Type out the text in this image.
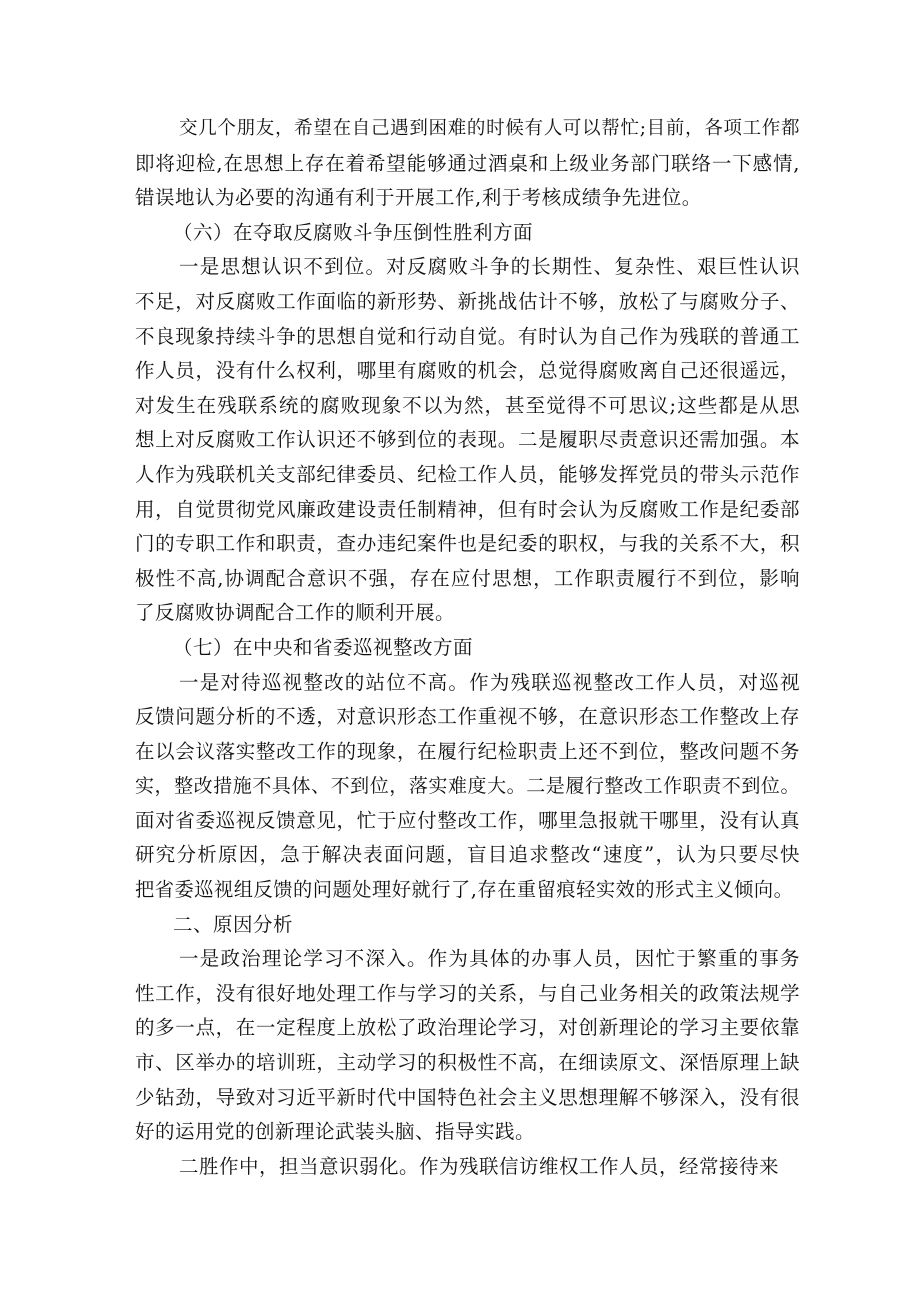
交几个朋友，希望在自己遇到困难的时候有人可以帮忙;目前，各项工作都
即将迎检,在思想上存在着希望能够通过酒桌和上级业务部门联络一下感情,
错误地认为必要的沟通有利于开展工作,利于考核成绩争先进位。
（六）在夺取反腐败斗争压倒性胜利方面
一是思想认识不到位。对反腐败斗争的长期性、复杂性、艰巨性认识
不足，对反腐败工作面临的新形势、新挑战估计不够，放松了与腐败分子、
不良现象持续斗争的思想自觉和行动自觉。有时认为自己作为残联的普通工
作人员，没有什么权利，哪里有腐败的机会，总觉得腐败离自己还很遥远，
对发生在残联系统的腐败现象不以为然，甚至觉得不可思议;这些都是从思
想上对反腐败工作认识还不够到位的表现。二是履职尽责意识还需加强。本
人作为残联机关支部纪律委员、纪检工作人员，能够发挥党员的带头示范作
用，自觉贯彻党风廉政建设责任制精神，但有时会认为反腐败工作是纪委部
门的专职工作和职责，查办违纪案件也是纪委的职权，与我的关系不大，积
极性不高,协调配合意识不强，存在应付思想，工作职责履行不到位，影响
了反腐败协调配合工作的顺利开展。
（七）在中央和省委巡视整改方面
一是对待巡视整改的站位不高。作为残联巡视整改工作人员，对巡视
反馈问题分析的不透，对意识形态工作重视不够，在意识形态工作整改上存
在以会议落实整改工作的现象，在履行纪检职责上还不到位，整改问题不务
实，整改措施不具体、不到位，落实难度大。二是履行整改工作职责不到位。
面对省委巡视反馈意见，忙于应付整改工作，哪里急报就干哪里，没有认真
研究分析原因，急于解决表面问题，盲目追求整改“速度”，认为只要尽快
把省委巡视组反馈的问题处理好就行了,存在重留痕轻实效的形式主义倾向。
二、原因分析
一是政治理论学习不深入。作为具体的办事人员，因忙于繁重的事务
性工作，没有很好地处理工作与学习的关系，与自己业务相关的政策法规学
的多一点，在一定程度上放松了政治理论学习，对创新理论的学习主要依靠
市、区举办的培训班，主动学习的积极性不高，在细读原文、深悟原理上缺
少钻劲，导致对习近平新时代中国特色社会主义思想理解不够深入，没有很
好的运用党的创新理论武装头脑、指导实践。
二胜作中，担当意识弱化。作为残联信访维权工作人员，经常接待来
